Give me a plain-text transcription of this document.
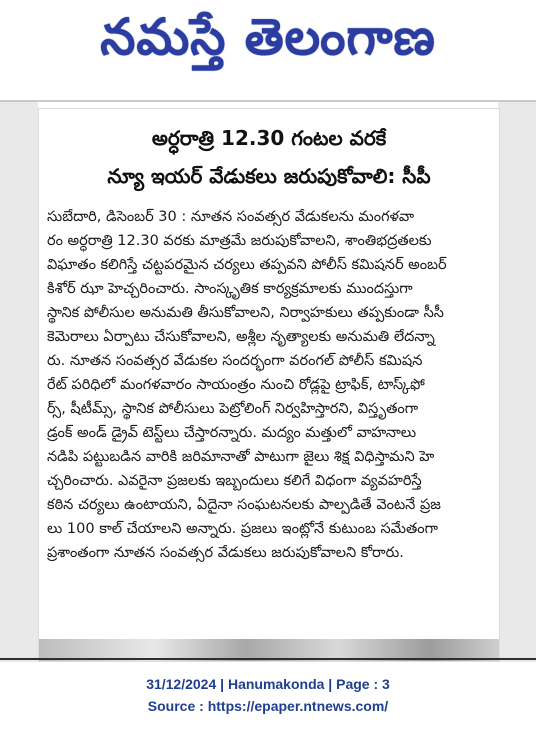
నమస్తే తెలంగాణ
అర్ధరాత్రి 12.30 గంటల వరకే
న్యూ ఇయర్‌ వేడుకలు జరుపుకోవాలి: సీపీ
సుబేదారి, డిసెంబర్‌ 30 : నూతన సంవత్సర వేడుకలను మంగళవా
రం అర్ధరాత్రి 12.30 వరకు మాత్రమే జరుపుకోవాలని, శాంతిభద్రతలకు
విఘాతం కలిగిస్తే చట్టపరమైన చర్యలు తప్పవని పోలీస్‌ కమిషనర్‌ అంబర్‌
కిశోర్‌ ఝా హెచ్చరించారు. సాంస్కృతిక కార్యక్రమాలకు ముందస్తుగా
స్థానిక పోలీసుల అనుమతి తీసుకోవాలని, నిర్వాహకులు తప్పకుండా సీసీ
కెమెరాలు ఏర్పాటు చేసుకోవాలని, అశ్లీల నృత్యాలకు అనుమతి లేదన్నా
రు. నూతన సంవత్సర వేడుకల సందర్భంగా వరంగల్‌ పోలీస్‌ కమిషన
రేట్‌ పరిధిలో మంగళవారం సాయంత్రం నుంచి రోడ్లపై ట్రాఫిక్‌, టాస్క్‌ఫో
ర్స్‌, షీటీమ్స్‌, స్థానిక పోలీసులు పెట్రోలింగ్‌ నిర్వహిస్తారని, విస్తృతంగా
డ్రంక్‌ అండ్‌ డ్రైవ్‌ టెస్ట్‌లు చేస్తారన్నారు. మద్యం మత్తులో వాహనాలు
నడిపి పట్టుబడిన వారికి జరిమానాతో పాటుగా జైలు శిక్ష విధిస్తామని హె
చ్చరించారు. ఎవరైనా ప్రజలకు ఇబ్బందులు కలిగే విధంగా వ్యవహరిస్తే
కఠిన చర్యలు ఉంటాయని, ఏదైనా సంఘటనలకు పాల్పడితే వెంటనే ప్రజ
లు 100 కాల్‌ చేయాలని అన్నారు. ప్రజలు ఇంట్లోనే కుటుంబ సమేతంగా
ప్రశాంతంగా నూతన సంవత్సర వేడుకలు జరుపుకోవాలని కోరారు.
31/12/2024 | Hanumakonda | Page : 3
Source : https://epaper.ntnews.com/
